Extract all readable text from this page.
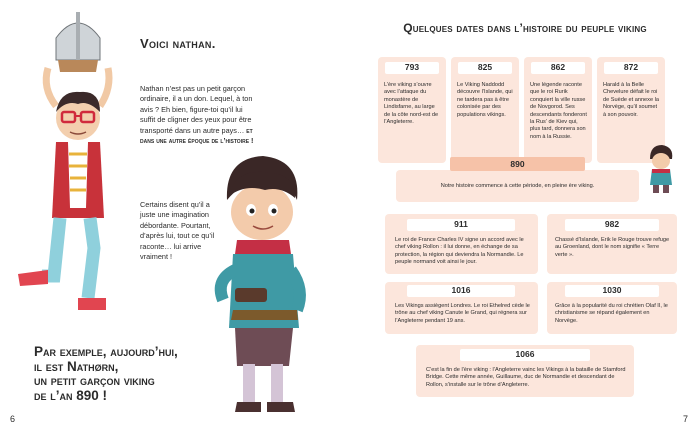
Voici nathan.
Nathan n’est pas un petit garçon ordinaire, il a un don. Lequel, à ton avis ? Eh bien, figure-toi qu’il lui suffit de cligner des yeux pour être transporté dans un autre pays… et dans une autre époque de l’histoire !
Certains disent qu’il a juste une imagination débordante. Pourtant, d’après lui, tout ce qu’il raconte… lui arrive vraiment !
Par exemple, aujourd’hui,
il est Nathørn,
un petit garçon viking
de l’an 890 !
6
Quelques dates dans l’histoire du peuple viking
793
L’ère viking s’ouvre avec l’attaque du monastère de Lindisfarne, au large de la côte nord-est de l’Angleterre.
825
Le Viking Naddodd découvre l’Islande, qui ne tardera pas à être colonisée par des populations vikings.
862
Une légende raconte que le roi Rurik conquiert la ville russe de Novgorod. Ses descendants fonderont la Rus’ de Kiev qui, plus tard, donnera son nom à la Russie.
872
Harald à la Belle Chevelure défait le roi de Suède et annexe la Norvège, qu’il soumet à son pouvoir.
Notre histoire commence à cette période, en pleine ère viking.
890
911
Le roi de France Charles IV signe un accord avec le chef viking Rollon : il lui donne, en échange de sa protection, la région qui deviendra la Normandie. Le peuple normand voit ainsi le jour.
982
Chassé d’Islande, Erik le Rouge trouve refuge au Groenland, dont le nom signifie « Terre verte ».
1016
Les Vikings assiègent Londres. Le roi Ethelred cède le trône au chef viking Canute le Grand, qui régnera sur l’Angleterre pendant 19 ans.
1030
Grâce à la popularité du roi chrétien Olaf II, le christianisme se répand également en Norvège.
1066
C’est la fin de l’ère viking : l’Angleterre vainc les Vikings à la bataille de Stamford Bridge. Cette même année, Guillaume, duc de Normandie et descendant de Rollon, s’installe sur le trône d’Angleterre.
7
